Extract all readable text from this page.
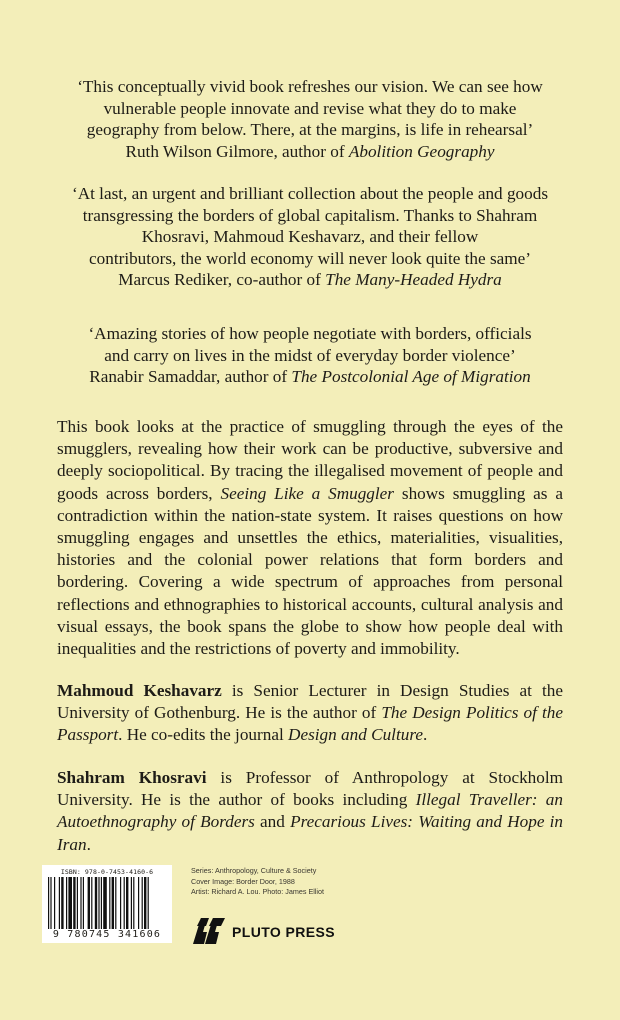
‘This conceptually vivid book refreshes our vision. We can see how
vulnerable people innovate and revise what they do to make
geography from below. There, at the margins, is life in rehearsal’
Ruth Wilson Gilmore, author of Abolition Geography
‘At last, an urgent and brilliant collection about the people and goods
transgressing the borders of global capitalism. Thanks to Shahram
Khosravi, Mahmoud Keshavarz, and their fellow
contributors, the world economy will never look quite the same’
Marcus Rediker, co-author of The Many-Headed Hydra
‘Amazing stories of how people negotiate with borders, officials
and carry on lives in the midst of everyday border violence’
Ranabir Samaddar, author of The Postcolonial Age of Migration
This book looks at the practice of smuggling through the eyes of the smugglers, revealing how their work can be productive, subversive and deeply sociopolitical. By tracing the illegalised movement of people and goods across borders, Seeing Like a Smuggler shows smuggling as a contradiction within the nation-state system. It raises questions on how smuggling engages and unsettles the ethics, materialities, visualities, histories and the colonial power relations that form borders and bordering. Covering a wide spectrum of approaches from personal reflections and ethnographies to historical accounts, cultural analysis and visual essays, the book spans the globe to show how people deal with inequalities and the restrictions of poverty and immobility.
Mahmoud Keshavarz is Senior Lecturer in Design Studies at the University of Gothenburg. He is the author of The Design Politics of the Passport. He co-edits the journal Design and Culture.
Shahram Khosravi is Professor of Anthropology at Stockholm University. He is the author of books including Illegal Traveller: an Autoethnography of Borders and Precarious Lives: Waiting and Hope in Iran.
ISBN: 978-0-7453-4160-6
9 780745 341606
Series: Anthropology, Culture & Society
Cover Image: Border Door, 1988
Artist: Richard A. Lou. Photo: James Elliot
PLUTO PRESS
